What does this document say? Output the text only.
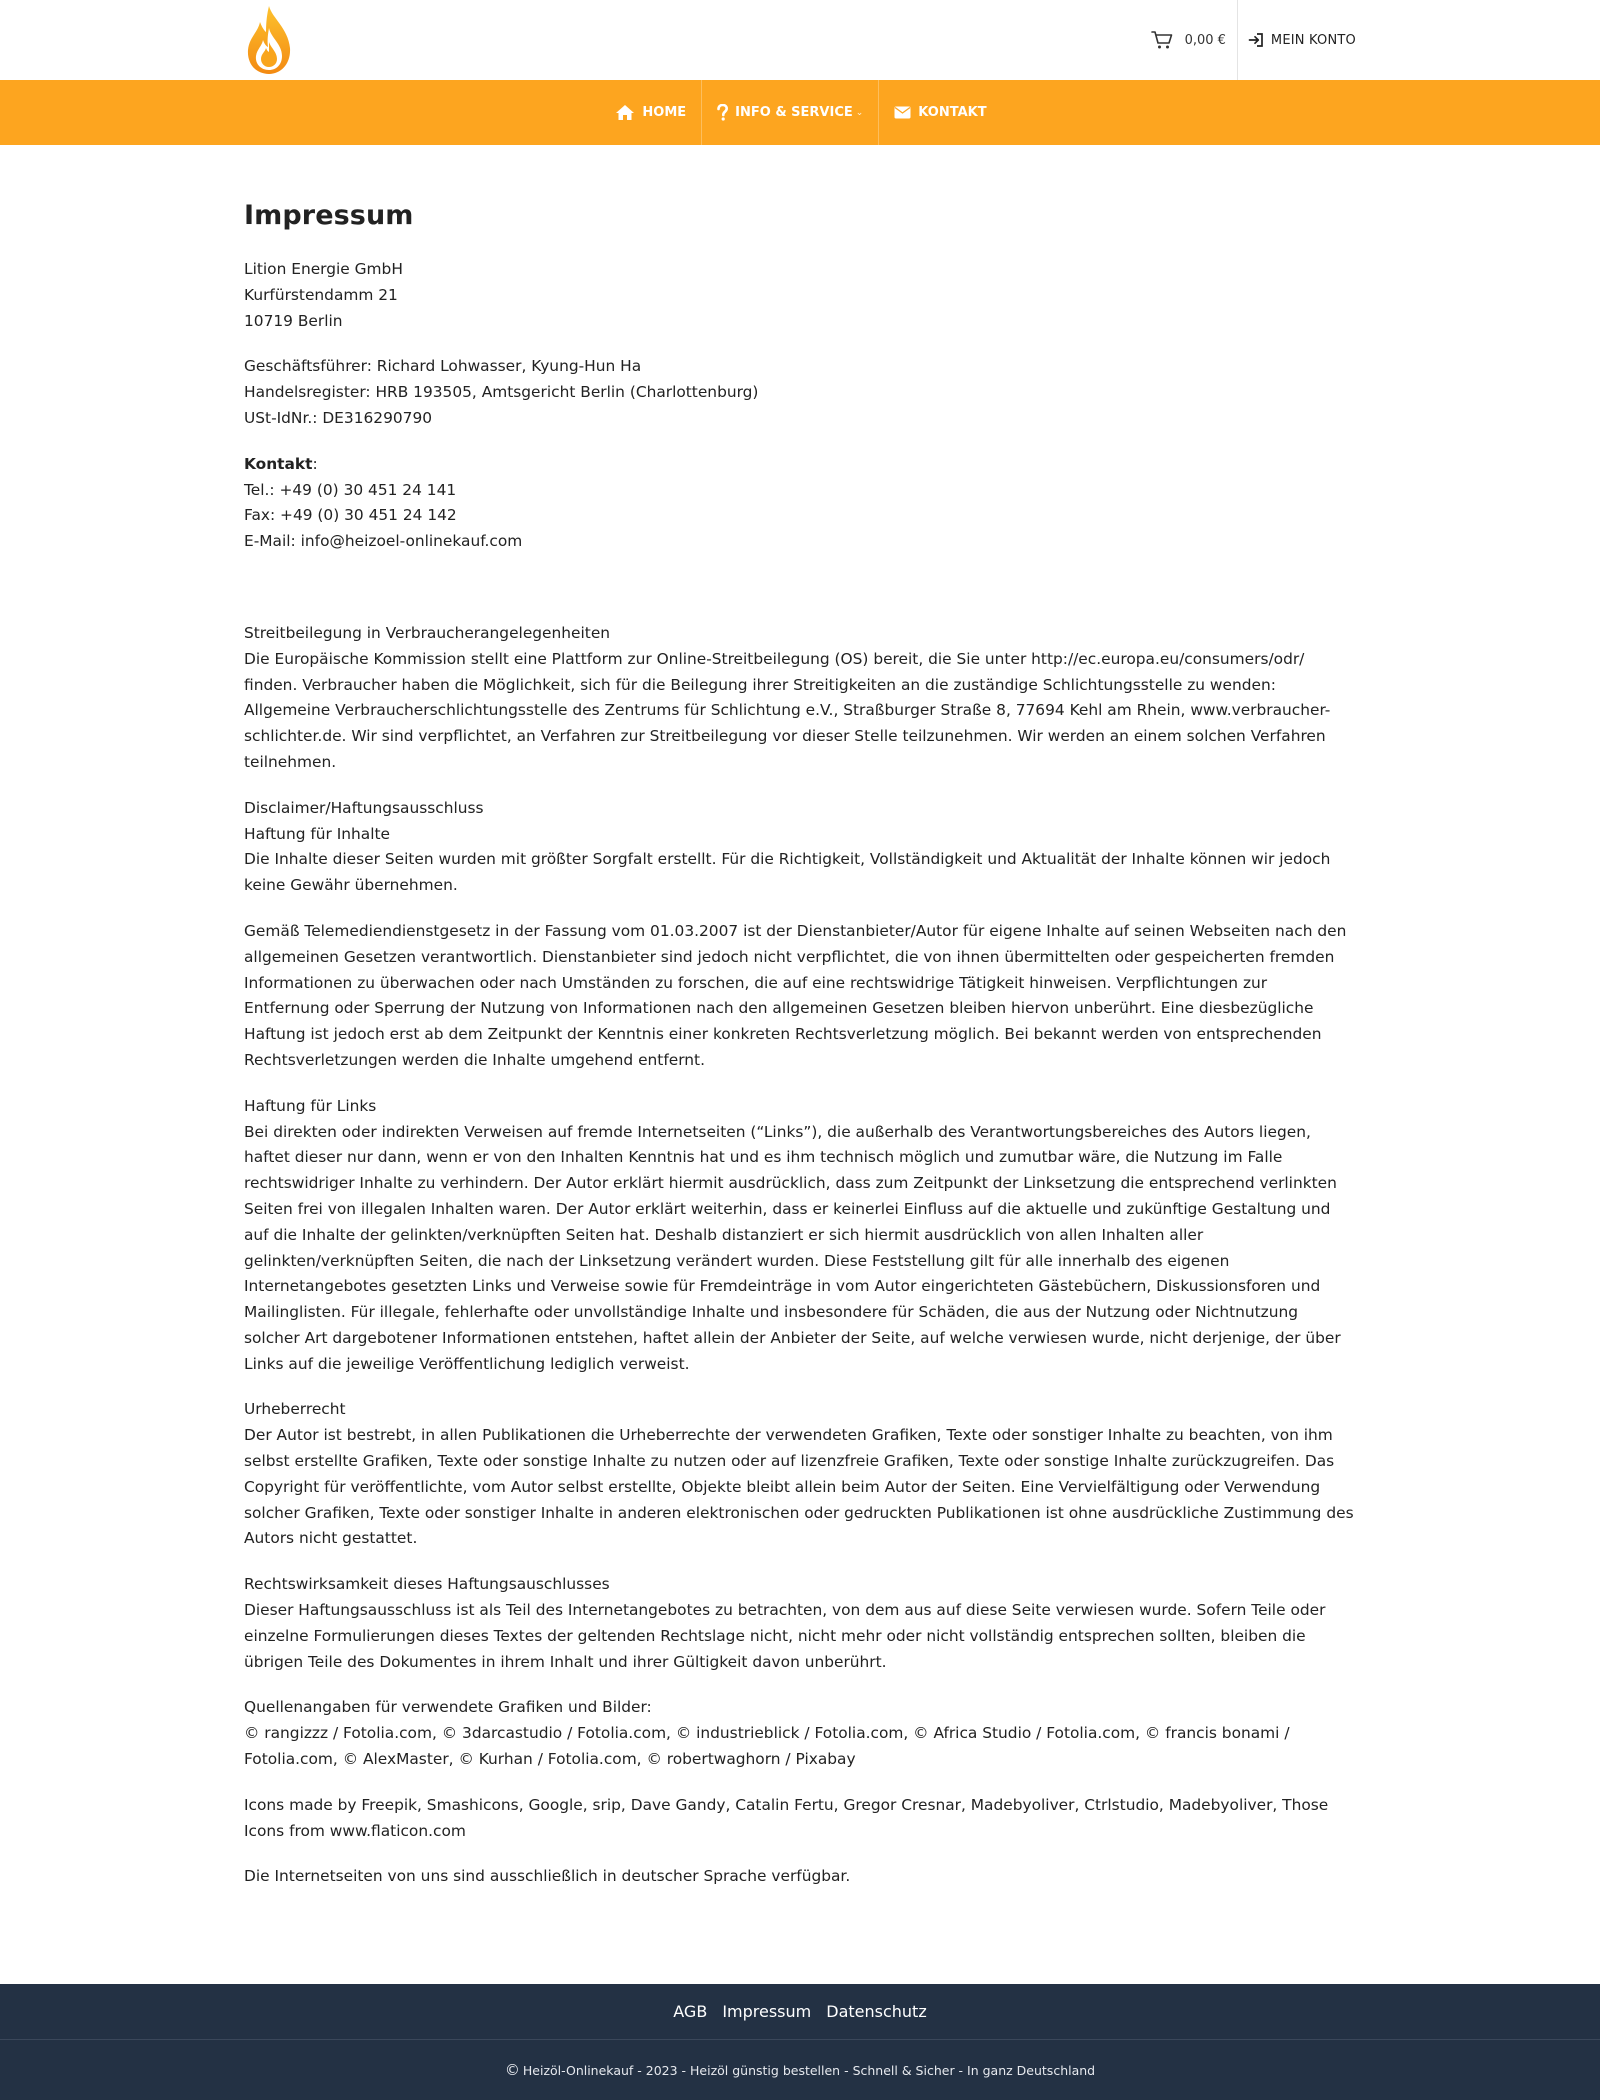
0,00 €	MEIN KONTO
HOME	INFO & SERVICE ⌄	KONTAKT
Impressum

Lition Energie GmbH
Kurfürstendamm 21
10719 Berlin

Geschäftsführer: Richard Lohwasser, Kyung-Hun Ha
Handelsregister: HRB 193505, Amtsgericht Berlin (Charlottenburg)
USt-IdNr.: DE316290790

Kontakt:
Tel.: +49 (0) 30 451 24 141
Fax: +49 (0) 30 451 24 142
E-Mail: info@heizoel-onlinekauf.com

Streitbeilegung in Verbraucherangelegenheiten
Die Europäische Kommission stellt eine Plattform zur Online-Streitbeilegung (OS) bereit, die Sie unter http://ec.europa.eu/consumers/odr/ finden. Verbraucher haben die Möglichkeit, sich für die Beilegung ihrer Streitigkeiten an die zuständige Schlichtungsstelle zu wenden: Allgemeine Verbraucherschlichtungsstelle des Zentrums für Schlichtung e.V., Straßburger Straße 8, 77694 Kehl am Rhein, www.verbraucher-schlichter.de. Wir sind verpflichtet, an Verfahren zur Streitbeilegung vor dieser Stelle teilzunehmen. Wir werden an einem solchen Verfahren teilnehmen.

Disclaimer/Haftungsausschluss
Haftung für Inhalte
Die Inhalte dieser Seiten wurden mit größter Sorgfalt erstellt. Für die Richtigkeit, Vollständigkeit und Aktualität der Inhalte können wir jedoch keine Gewähr übernehmen.

Gemäß Telemediendienstgesetz in der Fassung vom 01.03.2007 ist der Dienstanbieter/Autor für eigene Inhalte auf seinen Webseiten nach den allgemeinen Gesetzen verantwortlich. Dienstanbieter sind jedoch nicht verpflichtet, die von ihnen übermittelten oder gespeicherten fremden Informationen zu überwachen oder nach Umständen zu forschen, die auf eine rechtswidrige Tätigkeit hinweisen. Verpflichtungen zur Entfernung oder Sperrung der Nutzung von Informationen nach den allgemeinen Gesetzen bleiben hiervon unberührt. Eine diesbezügliche Haftung ist jedoch erst ab dem Zeitpunkt der Kenntnis einer konkreten Rechtsverletzung möglich. Bei bekannt werden von entsprechenden Rechtsverletzungen werden die Inhalte umgehend entfernt.

Haftung für Links
Bei direkten oder indirekten Verweisen auf fremde Internetseiten (“Links”), die außerhalb des Verantwortungsbereiches des Autors liegen, haftet dieser nur dann, wenn er von den Inhalten Kenntnis hat und es ihm technisch möglich und zumutbar wäre, die Nutzung im Falle rechtswidriger Inhalte zu verhindern. Der Autor erklärt hiermit ausdrücklich, dass zum Zeitpunkt der Linksetzung die entsprechend verlinkten Seiten frei von illegalen Inhalten waren. Der Autor erklärt weiterhin, dass er keinerlei Einfluss auf die aktuelle und zukünftige Gestaltung und auf die Inhalte der gelinkten/verknüpften Seiten hat. Deshalb distanziert er sich hiermit ausdrücklich von allen Inhalten aller gelinkten/verknüpften Seiten, die nach der Linksetzung verändert wurden. Diese Feststellung gilt für alle innerhalb des eigenen Internetangebotes gesetzten Links und Verweise sowie für Fremdeinträge in vom Autor eingerichteten Gästebüchern, Diskussionsforen und Mailinglisten. Für illegale, fehlerhafte oder unvollständige Inhalte und insbesondere für Schäden, die aus der Nutzung oder Nichtnutzung solcher Art dargebotener Informationen entstehen, haftet allein der Anbieter der Seite, auf welche verwiesen wurde, nicht derjenige, der über Links auf die jeweilige Veröffentlichung lediglich verweist.

Urheberrecht
Der Autor ist bestrebt, in allen Publikationen die Urheberrechte der verwendeten Grafiken, Texte oder sonstiger Inhalte zu beachten, von ihm selbst erstellte Grafiken, Texte oder sonstige Inhalte zu nutzen oder auf lizenzfreie Grafiken, Texte oder sonstige Inhalte zurückzugreifen. Das Copyright für veröffentlichte, vom Autor selbst erstellte, Objekte bleibt allein beim Autor der Seiten. Eine Vervielfältigung oder Verwendung solcher Grafiken, Texte oder sonstiger Inhalte in anderen elektronischen oder gedruckten Publikationen ist ohne ausdrückliche Zustimmung des Autors nicht gestattet.

Rechtswirksamkeit dieses Haftungsauschlusses
Dieser Haftungsausschluss ist als Teil des Internetangebotes zu betrachten, von dem aus auf diese Seite verwiesen wurde. Sofern Teile oder einzelne Formulierungen dieses Textes der geltenden Rechtslage nicht, nicht mehr oder nicht vollständig entsprechen sollten, bleiben die übrigen Teile des Dokumentes in ihrem Inhalt und ihrer Gültigkeit davon unberührt.

Quellenangaben für verwendete Grafiken und Bilder:
© rangizzz / Fotolia.com, © 3darcastudio / Fotolia.com, © industrieblick / Fotolia.com, © Africa Studio / Fotolia.com, © francis bonami / Fotolia.com, © AlexMaster, © Kurhan / Fotolia.com, © robertwaghorn / Pixabay

Icons made by Freepik, Smashicons, Google, srip, Dave Gandy, Catalin Fertu, Gregor Cresnar, Madebyoliver, Ctrlstudio, Madebyoliver, Those Icons from www.flaticon.com

Die Internetseiten von uns sind ausschließlich in deutscher Sprache verfügbar.

AGB Impressum Datenschutz
© Heizöl-Onlinekauf - 2023 - Heizöl günstig bestellen - Schnell & Sicher - In ganz Deutschland
